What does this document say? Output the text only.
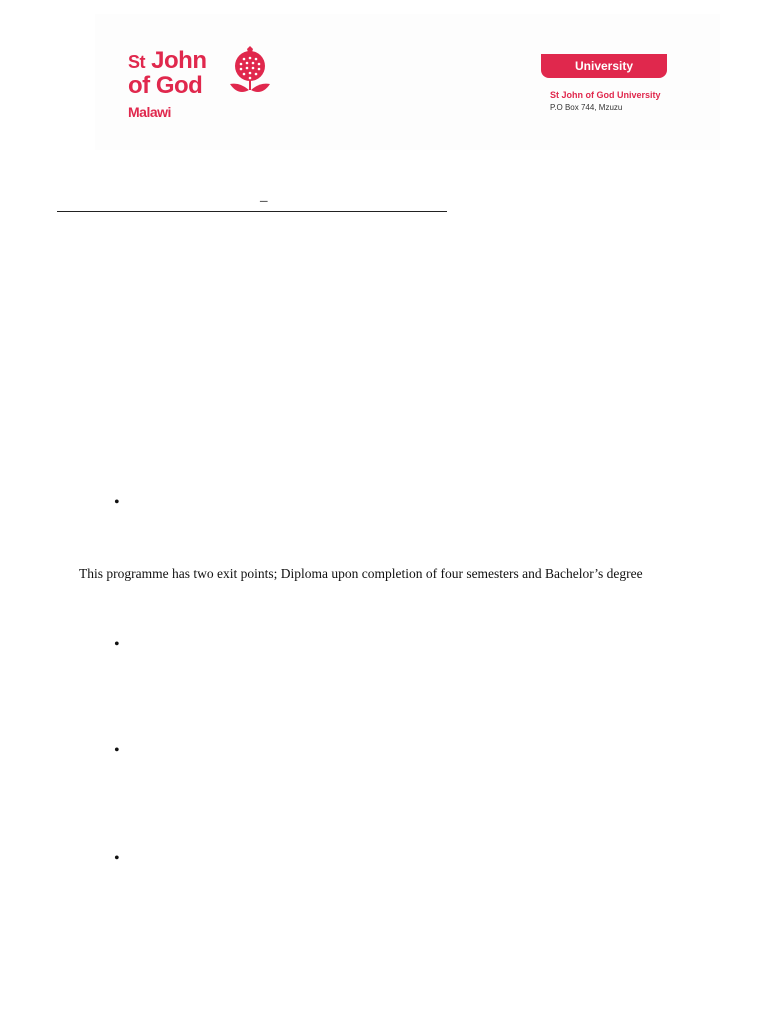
St John
of God
Malawi
University
St John of God University
P.O Box 744, Mzuzu
–
•
This programme has two exit points; Diploma upon completion of four semesters and Bachelor’s degree
•
•
•
